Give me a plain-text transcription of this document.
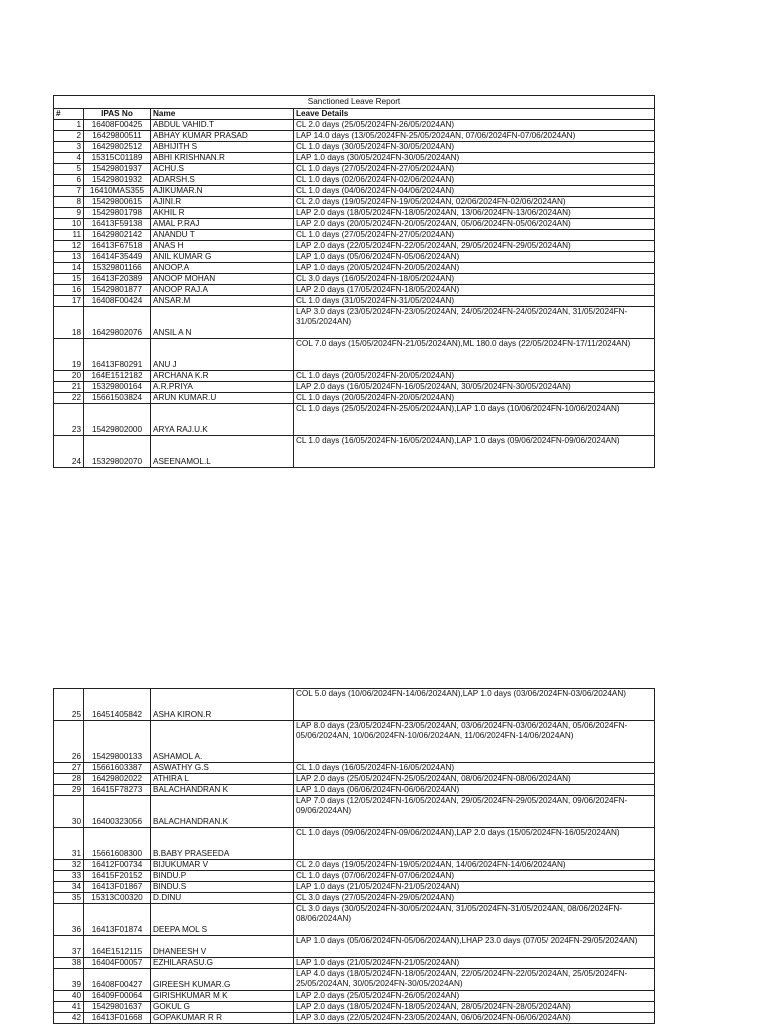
Sanctioned Leave Report			
#	IPAS No	Name	Leave Details
1	16408F00425	ABDUL VAHID.T	CL 2.0 days (25/05/2024FN-26/05/2024AN)
2	16429800511	ABHAY KUMAR PRASAD	LAP 14.0 days (13/05/2024FN-25/05/2024AN, 07/06/2024FN-07/06/2024AN)
3	16429802512	ABHIJITH S	CL 1.0 days (30/05/2024FN-30/05/2024AN)
4	15315C01189	ABHI KRISHNAN.R	LAP 1.0 days (30/05/2024FN-30/05/2024AN)
5	15429801937	ACHU.S	CL 1.0 days (27/05/2024FN-27/05/2024AN)
6	15429801932	ADARSH.S	CL 1.0 days (02/06/2024FN-02/06/2024AN)
7	16410MAS355	AJIKUMAR.N	CL 1.0 days (04/06/2024FN-04/06/2024AN)
8	15429800615	AJINI.R	CL 2.0 days (19/05/2024FN-19/05/2024AN, 02/06/2024FN-02/06/2024AN)
9	15429801798	AKHIL R	LAP 2.0 days (18/05/2024FN-18/05/2024AN, 13/06/2024FN-13/06/2024AN)
10	16413F59138	AMAL P.RAJ	LAP 2.0 days (20/05/2024FN-20/05/2024AN, 05/06/2024FN-05/06/2024AN)
11	16429802142	ANANDU T	CL 1.0 days (27/05/2024FN-27/05/2024AN)
12	16413F67518	ANAS H	LAP 2.0 days (22/05/2024FN-22/05/2024AN, 29/05/2024FN-29/05/2024AN)
13	16414F35449	ANIL KUMAR G	LAP 1.0 days (05/06/2024FN-05/06/2024AN)
14	15329801166	ANOOP.A	LAP 1.0 days (20/05/2024FN-20/05/2024AN)
15	16413F20389	ANOOP MOHAN	CL 3.0 days (16/05/2024FN-18/05/2024AN)
16	15429801877	ANOOP RAJ.A	LAP 2.0 days (17/05/2024FN-18/05/2024AN)
17	16408F00424	ANSAR.M	CL 1.0 days (31/05/2024FN-31/05/2024AN)
18	16429802076	ANSIL A N	LAP 3.0 days (23/05/2024FN-23/05/2024AN, 24/05/2024FN-24/05/2024AN, 31/05/2024FN-31/05/2024AN)
19	16413F80291	ANU J	COL 7.0 days (15/05/2024FN-21/05/2024AN),ML 180.0 days (22/05/2024FN-17/11/2024AN)
20	164E1512182	ARCHANA K.R	CL 1.0 days (20/05/2024FN-20/05/2024AN)
21	15329800164	A.R.PRIYA	LAP 2.0 days (16/05/2024FN-16/05/2024AN, 30/05/2024FN-30/05/2024AN)
22	15661503824	ARUN KUMAR.U	CL 1.0 days (20/05/2024FN-20/05/2024AN)
23	15429802000	ARYA RAJ.U.K	CL 1.0 days (25/05/2024FN-25/05/2024AN),LAP 1.0 days (10/06/2024FN-10/06/2024AN)
24	15329802070	ASEENAMOL.L	CL 1.0 days (16/05/2024FN-16/05/2024AN),LAP 1.0 days (09/06/2024FN-09/06/2024AN)
25	16451405842	ASHA KIRON.R	COL 5.0 days (10/06/2024FN-14/06/2024AN),LAP 1.0 days (03/06/2024FN-03/06/2024AN)
26	15429800133	ASHAMOL A.	LAP 8.0 days (23/05/2024FN-23/05/2024AN, 03/06/2024FN-03/06/2024AN, 05/06/2024FN-05/06/2024AN, 10/06/2024FN-10/06/2024AN, 11/06/2024FN-14/06/2024AN)
27	15661603387	ASWATHY G.S	CL 1.0 days (16/05/2024FN-16/05/2024AN)
28	16429802022	ATHIRA L	LAP 2.0 days (25/05/2024FN-25/05/2024AN, 08/06/2024FN-08/06/2024AN)
29	16415F78273	BALACHANDRAN K	LAP 1.0 days (06/06/2024FN-06/06/2024AN)
30	16400323056	BALACHANDRAN.K	LAP 7.0 days (12/05/2024FN-16/05/2024AN, 29/05/2024FN-29/05/2024AN, 09/06/2024FN-09/06/2024AN)
31	15661608300	B.BABY PRASEEDA	CL 1.0 days (09/06/2024FN-09/06/2024AN),LAP 2.0 days (15/05/2024FN-16/05/2024AN)
32	16412F00734	BIJUKUMAR V	CL 2.0 days (19/05/2024FN-19/05/2024AN, 14/06/2024FN-14/06/2024AN)
33	16415F20152	BINDU.P	CL 1.0 days (07/06/2024FN-07/06/2024AN)
34	16413F01867	BINDU.S	LAP 1.0 days (21/05/2024FN-21/05/2024AN)
35	15313C00320	D.DINU	CL 3.0 days (27/05/2024FN-29/05/2024AN)
36	16413F01874	DEEPA MOL S	CL 3.0 days (30/05/2024FN-30/05/2024AN, 31/05/2024FN-31/05/2024AN, 08/06/2024FN-08/06/2024AN)
37	164E1512115	DHANEESH V	LAP 1.0 days (05/06/2024FN-05/06/2024AN),LHAP 23.0 days (07/05/ 2024FN-29/05/2024AN)
38	16404F00057	EZHILARASU.G	LAP 1.0 days (21/05/2024FN-21/05/2024AN)
39	16408F00427	GIREESH KUMAR.G	LAP 4.0 days (18/05/2024FN-18/05/2024AN, 22/05/2024FN-22/05/2024AN, 25/05/2024FN-25/05/2024AN, 30/05/2024FN-30/05/2024AN)
40	16409F00064	GIRISHKUMAR M K	LAP 2.0 days (25/05/2024FN-26/05/2024AN)
41	15429801637	GOKUL G	LAP 2.0 days (18/05/2024FN-18/05/2024AN, 28/05/2024FN-28/05/2024AN)
42	16413F01668	GOPAKUMAR R R	LAP 3.0 days (22/05/2024FN-23/05/2024AN, 06/06/2024FN-06/06/2024AN)
